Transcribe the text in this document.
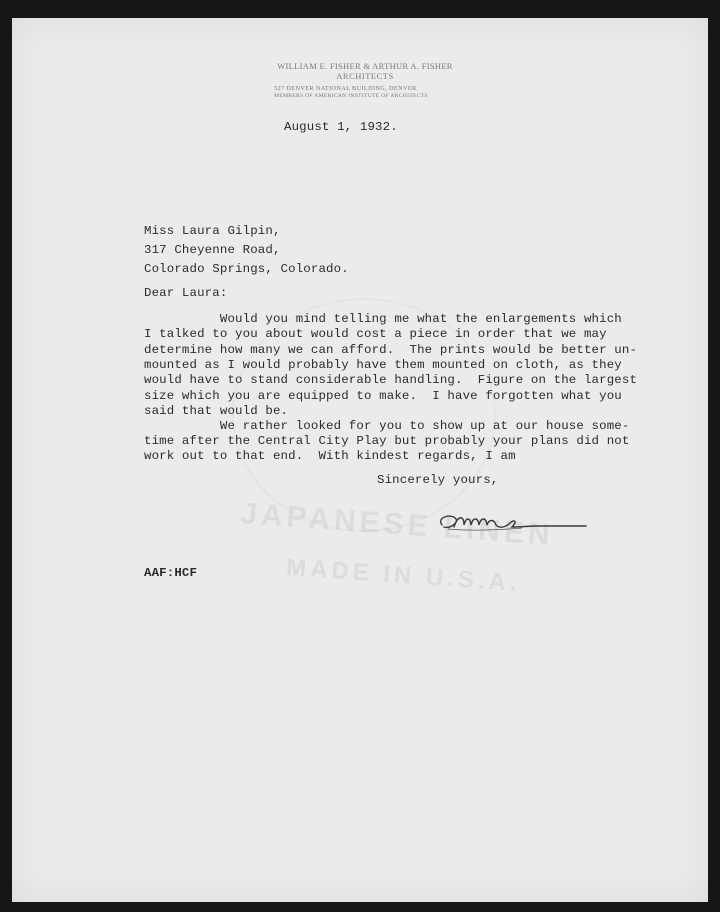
JAPANESE LINEN
MADE IN U.S.A.
WILLIAM E. FISHER & ARTHUR A. FISHER
ARCHITECTS
527 DENVER NATIONAL BUILDING, DENVER
MEMBERS OF AMERICAN INSTITUTE OF ARCHITECTS
August 1, 1932.
Miss Laura Gilpin,
317 Cheyenne Road,
Colorado Springs, Colorado.
Dear Laura:
Would you mind telling me what the enlargements which
I talked to you about would cost a piece in order that we may
determine how many we can afford.  The prints would be better un-
mounted as I would probably have them mounted on cloth, as they
would have to stand considerable handling.  Figure on the largest
size which you are equipped to make.  I have forgotten what you
said that would be.
We rather looked for you to show up at our house some-
time after the Central City Play but probably your plans did not
work out to that end.  With kindest regards, I am
Sincerely yours,
AAF:HCF
